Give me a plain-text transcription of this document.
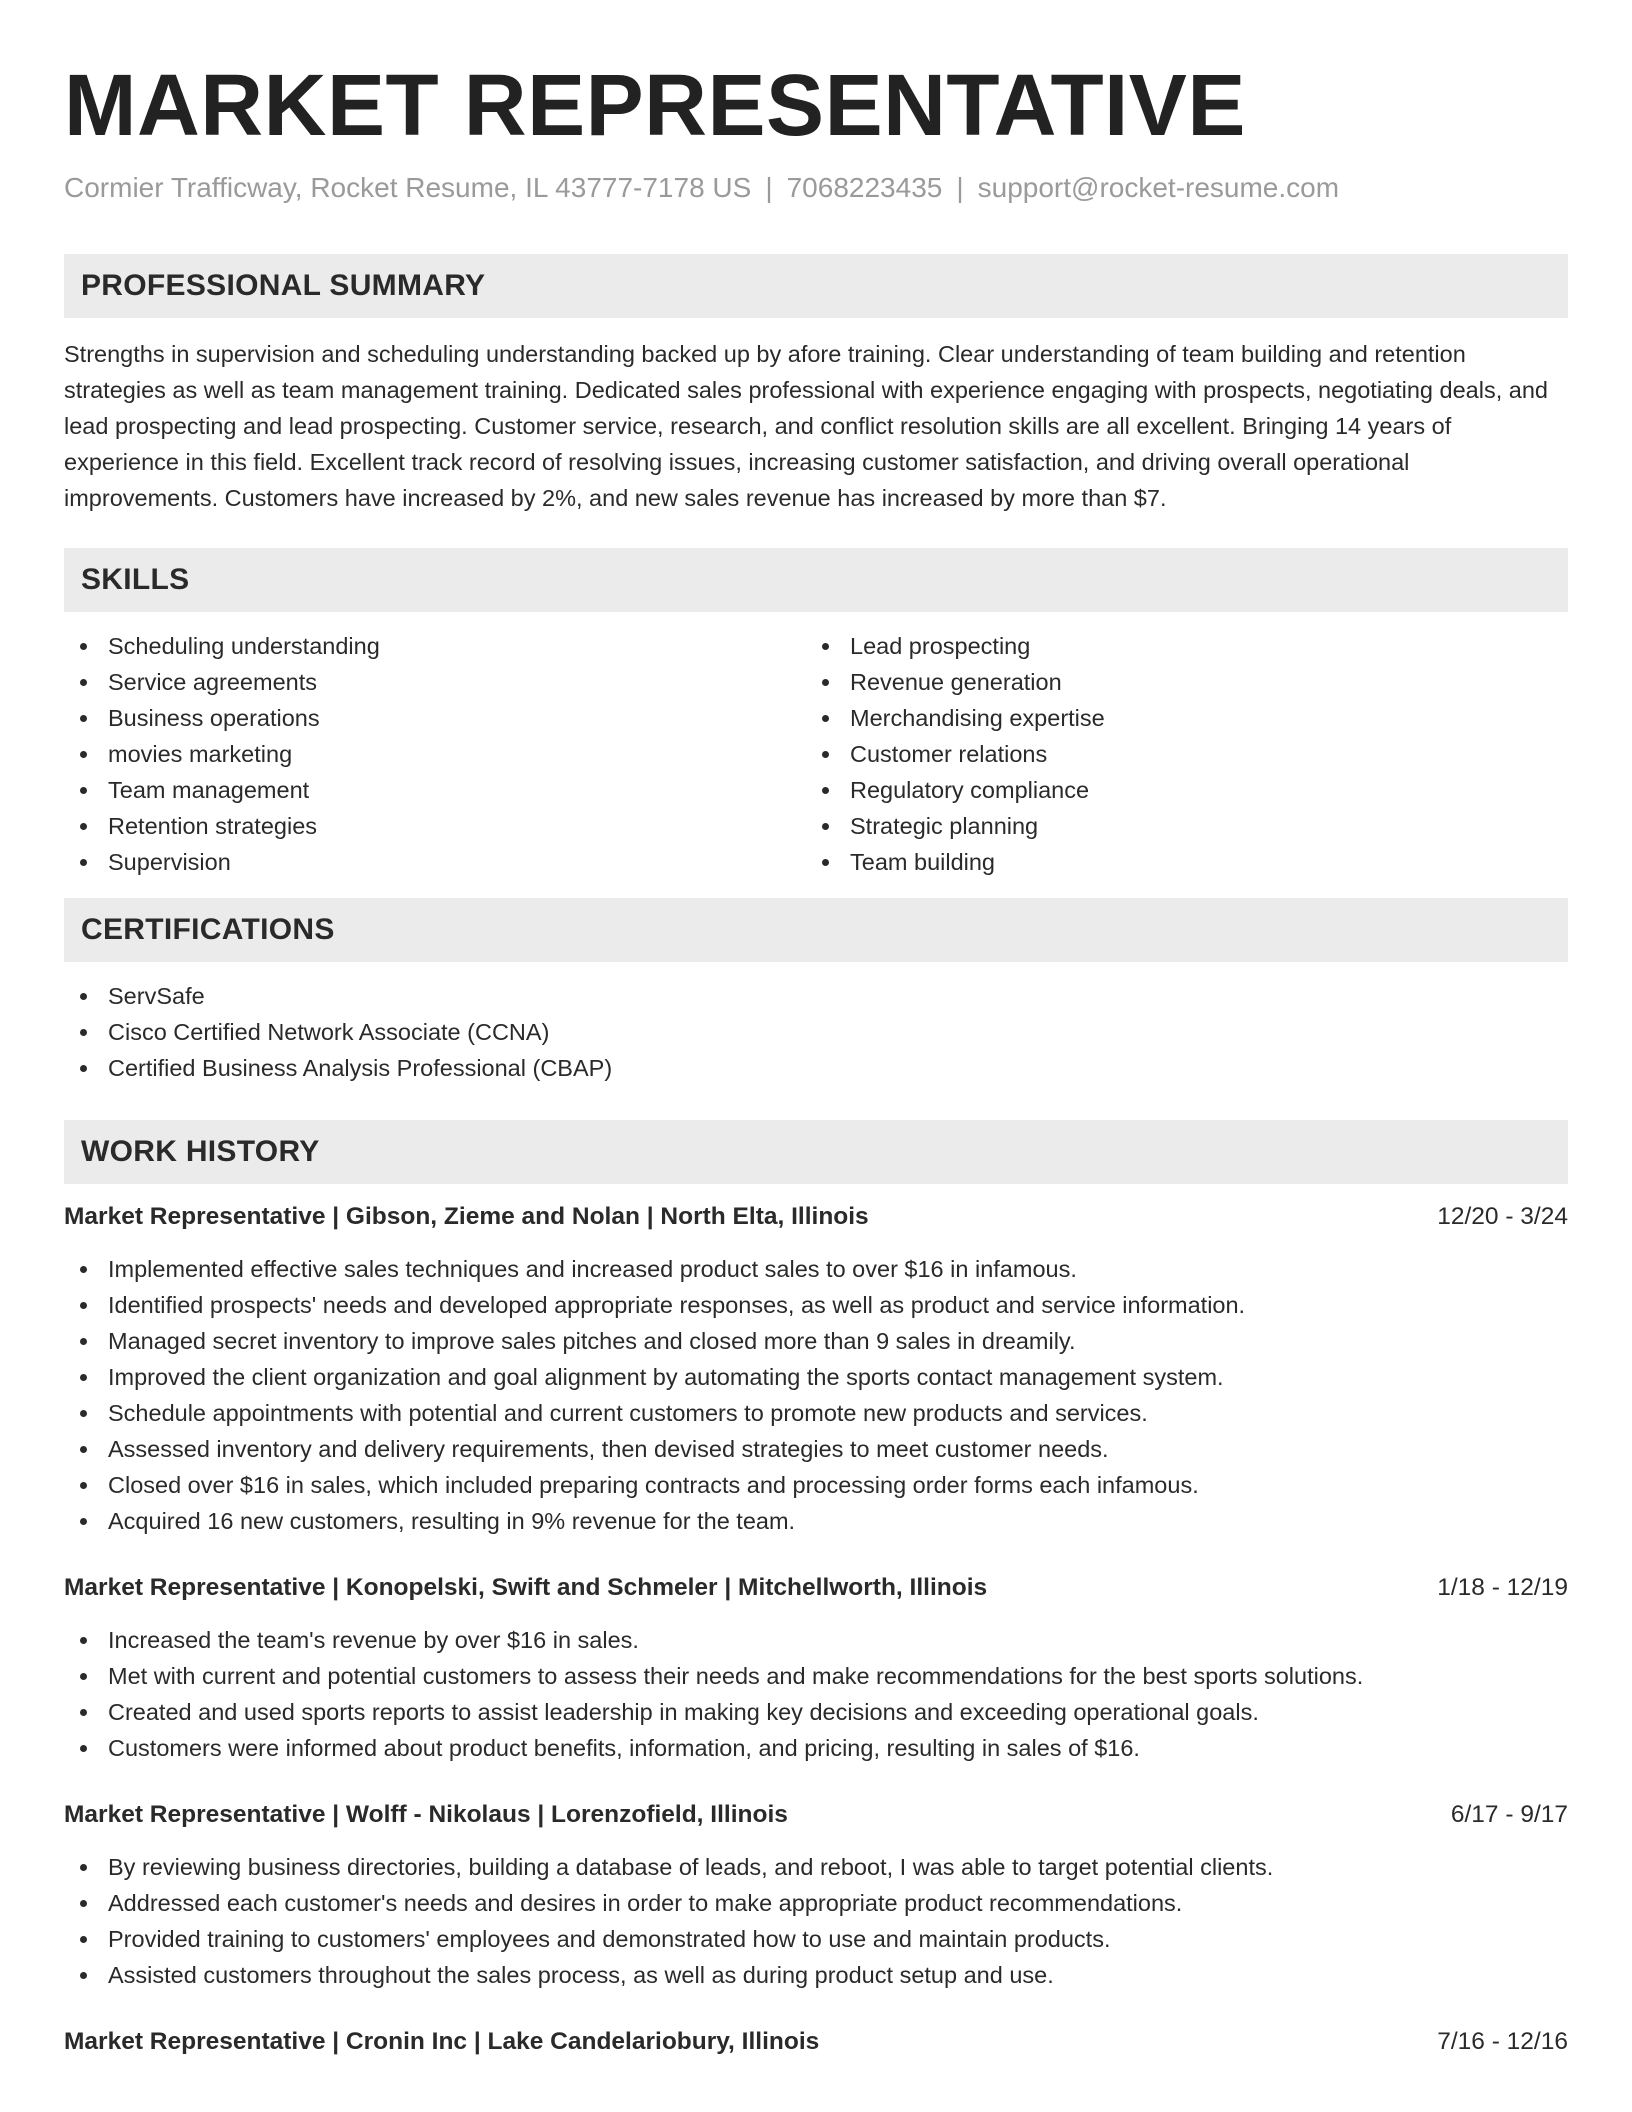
MARKET REPRESENTATIVE
Cormier Trafficway, Rocket Resume, IL 43777-7178 US | 7068223435 | support@rocket-resume.com
PROFESSIONAL SUMMARY

Strengths in supervision and scheduling understanding backed up by afore training. Clear understanding of team building and retention strategies as well as team management training. Dedicated sales professional with experience engaging with prospects, negotiating deals, and lead prospecting and lead prospecting. Customer service, research, and conflict resolution skills are all excellent. Bringing 14 years of experience in this field. Excellent track record of resolving issues, increasing customer satisfaction, and driving overall operational improvements. Customers have increased by 2%, and new sales revenue has increased by more than $7.

SKILLS
Scheduling understanding
Service agreements
Business operations
movies marketing
Team management
Retention strategies
Supervision
Lead prospecting
Revenue generation
Merchandising expertise
Customer relations
Regulatory compliance
Strategic planning
Team building
CERTIFICATIONS
ServSafe
Cisco Certified Network Associate (CCNA)
Certified Business Analysis Professional (CBAP)
WORK HISTORY
Market Representative | Gibson, Zieme and Nolan | North Elta, Illinois	12/20 - 3/24
Implemented effective sales techniques and increased product sales to over $16 in infamous.
Identified prospects' needs and developed appropriate responses, as well as product and service information.
Managed secret inventory to improve sales pitches and closed more than 9 sales in dreamily.
Improved the client organization and goal alignment by automating the sports contact management system.
Schedule appointments with potential and current customers to promote new products and services.
Assessed inventory and delivery requirements, then devised strategies to meet customer needs.
Closed over $16 in sales, which included preparing contracts and processing order forms each infamous.
Acquired 16 new customers, resulting in 9% revenue for the team.
Market Representative | Konopelski, Swift and Schmeler | Mitchellworth, Illinois	1/18 - 12/19
Increased the team's revenue by over $16 in sales.
Met with current and potential customers to assess their needs and make recommendations for the best sports solutions.
Created and used sports reports to assist leadership in making key decisions and exceeding operational goals.
Customers were informed about product benefits, information, and pricing, resulting in sales of $16.
Market Representative | Wolff - Nikolaus | Lorenzofield, Illinois	6/17 - 9/17
By reviewing business directories, building a database of leads, and reboot, I was able to target potential clients.
Addressed each customer's needs and desires in order to make appropriate product recommendations.
Provided training to customers' employees and demonstrated how to use and maintain products.
Assisted customers throughout the sales process, as well as during product setup and use.
Market Representative | Cronin Inc | Lake Candelariobury, Illinois	7/16 - 12/16
